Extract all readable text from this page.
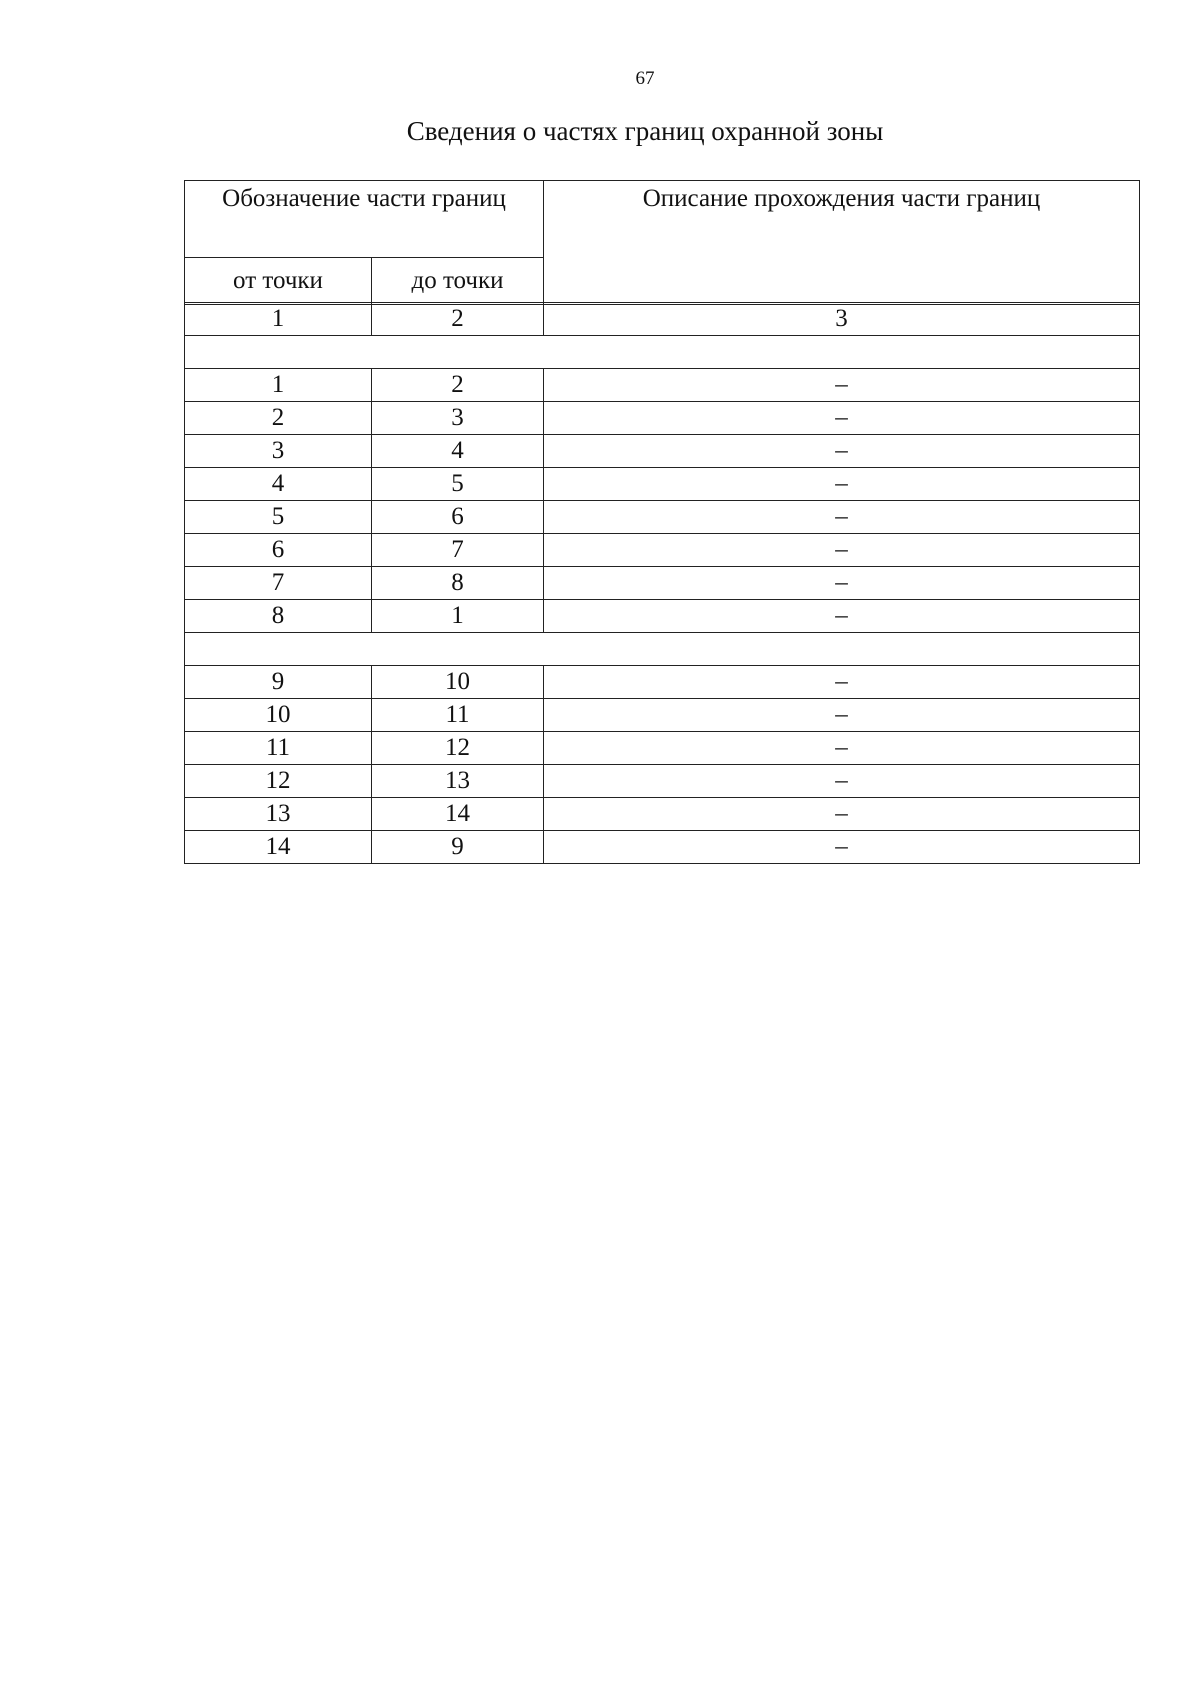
67
Сведения о частях границ охранной зоны
Обозначение части границ		Описание прохождения части границ
от точки	до точки	
1	2	3

1	2	–
2	3	–
3	4	–
4	5	–
5	6	–
6	7	–
7	8	–
8	1	–

9	10	–
10	11	–
11	12	–
12	13	–
13	14	–
14	9	–
